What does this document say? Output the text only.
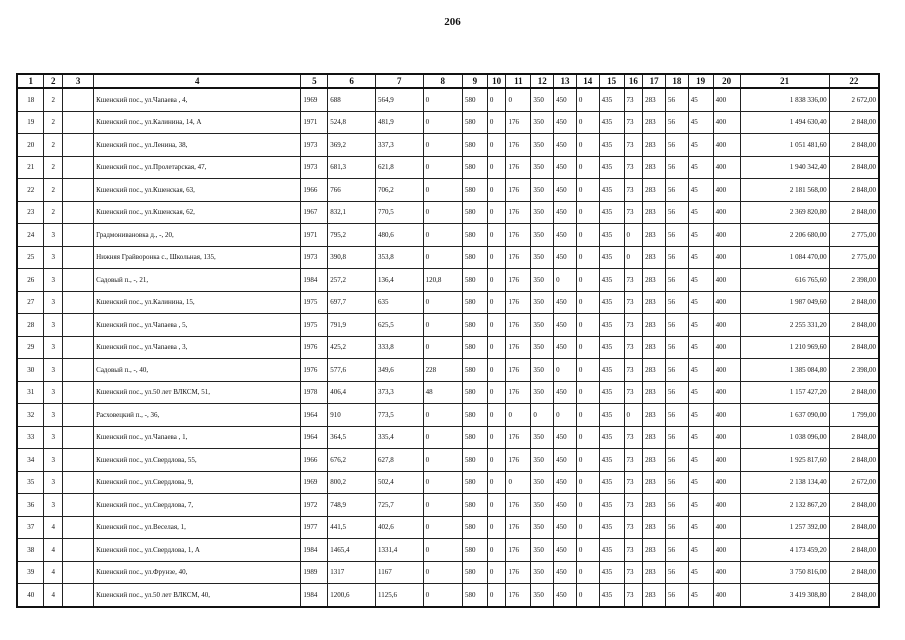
206
1	2	3	4	5	6	7	8	9	10	11	12	13	14	15	16	17	18	19	20	21	22
18	2		Кшенский пос., ул.Чапаева , 4,	1969	688	564,9	0	580	0	0	350	450	0	435	73	283	56	45	400	1 838 336,00	2 672,00
19	2		Кшенский пос., ул.Калинина, 14, А	1971	524,8	481,9	0	580	0	176	350	450	0	435	73	283	56	45	400	1 494 630,40	2 848,00
20	2		Кшенский пос., ул.Ленина, 38,	1973	369,2	337,3	0	580	0	176	350	450	0	435	73	283	56	45	400	1 051 481,60	2 848,00
21	2		Кшенский пос., ул.Пролетарская, 47,	1973	681,3	621,8	0	580	0	176	350	450	0	435	73	283	56	45	400	1 940 342,40	2 848,00
22	2		Кшенский пос., ул.Кшенская, 63,	1966	766	706,2	0	580	0	176	350	450	0	435	73	283	56	45	400	2 181 568,00	2 848,00
23	2		Кшенский пос., ул.Кшенская, 62,	1967	832,1	770,5	0	580	0	176	350	450	0	435	73	283	56	45	400	2 369 820,80	2 848,00
24	3		Градмонивановка д., -, 20,	1971	795,2	480,6	0	580	0	176	350	450	0	435	0	283	56	45	400	2 206 680,00	2 775,00
25	3		Нижняя Грайворонка с., Школьная, 135,	1973	390,8	353,8	0	580	0	176	350	450	0	435	0	283	56	45	400	1 084 470,00	2 775,00
26	3		Садовый п., -, 21,	1984	257,2	136,4	120,8	580	0	176	350	0	0	435	73	283	56	45	400	616 765,60	2 398,00
27	3		Кшенский пос., ул.Калинина, 15,	1975	697,7	635	0	580	0	176	350	450	0	435	73	283	56	45	400	1 987 049,60	2 848,00
28	3		Кшенский пос., ул.Чапаева , 5,	1975	791,9	625,5	0	580	0	176	350	450	0	435	73	283	56	45	400	2 255 331,20	2 848,00
29	3		Кшенский пос., ул.Чапаева , 3,	1976	425,2	333,8	0	580	0	176	350	450	0	435	73	283	56	45	400	1 210 969,60	2 848,00
30	3		Садовый п., -, 40,	1976	577,6	349,6	228	580	0	176	350	0	0	435	73	283	56	45	400	1 385 084,80	2 398,00
31	3		Кшенский пос., ул.50 лет ВЛКСМ, 51,	1978	406,4	373,3	48	580	0	176	350	450	0	435	73	283	56	45	400	1 157 427,20	2 848,00
32	3		Расховецкий п., -, 36,	1964	910	773,5	0	580	0	0	0	0	0	435	0	283	56	45	400	1 637 090,00	1 799,00
33	3		Кшенский пос., ул.Чапаева , 1,	1964	364,5	335,4	0	580	0	176	350	450	0	435	73	283	56	45	400	1 038 096,00	2 848,00
34	3		Кшенский пос., ул.Свердлова, 55,	1966	676,2	627,8	0	580	0	176	350	450	0	435	73	283	56	45	400	1 925 817,60	2 848,00
35	3		Кшенский пос., ул.Свердлова, 9,	1969	800,2	502,4	0	580	0	0	350	450	0	435	73	283	56	45	400	2 138 134,40	2 672,00
36	3		Кшенский пос., ул.Свердлова, 7,	1972	748,9	725,7	0	580	0	176	350	450	0	435	73	283	56	45	400	2 132 867,20	2 848,00
37	4		Кшенский пос., ул.Веселая, 1,	1977	441,5	402,6	0	580	0	176	350	450	0	435	73	283	56	45	400	1 257 392,00	2 848,00
38	4		Кшенский пос., ул.Свердлова, 1, А	1984	1465,4	1331,4	0	580	0	176	350	450	0	435	73	283	56	45	400	4 173 459,20	2 848,00
39	4		Кшенский пос., ул.Фрунзе, 40,	1989	1317	1167	0	580	0	176	350	450	0	435	73	283	56	45	400	3 750 816,00	2 848,00
40	4		Кшенский пос., ул.50 лет ВЛКСМ, 40,	1984	1200,6	1125,6	0	580	0	176	350	450	0	435	73	283	56	45	400	3 419 308,80	2 848,00
